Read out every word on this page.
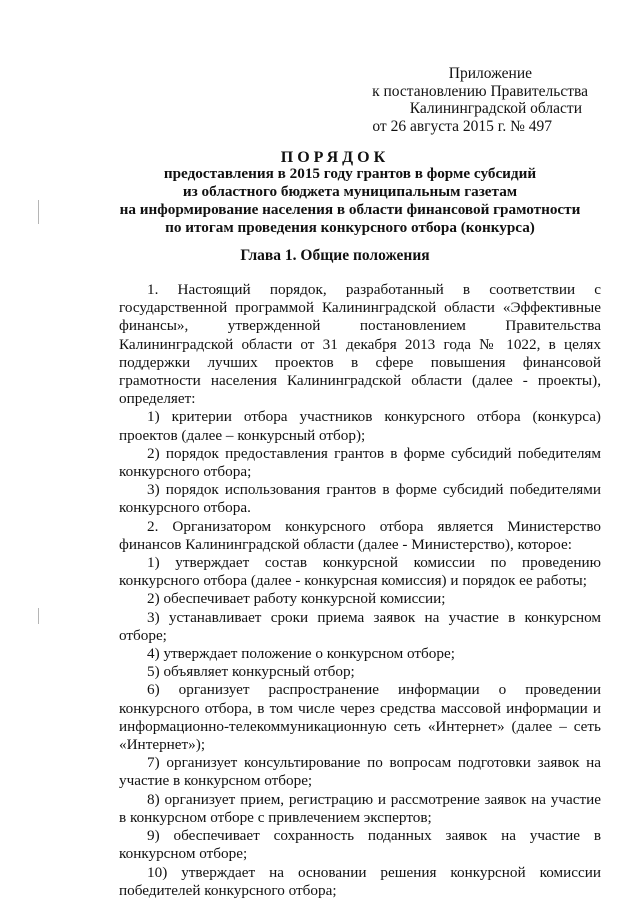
Приложение
к постановлению Правительства
Калининградской области
от 26 августа 2015 г. № 497
ПОРЯДОК
предоставления в 2015 году грантов в форме субсидий
из областного бюджета муниципальным газетам
на информирование населения в области финансовой грамотности
по итогам проведения конкурсного отбора (конкурса)
Глава 1. Общие положения

1. Настоящий порядок, разработанный в соответствии с государственной программой Калининградской области «Эффективные финансы», утвержденной постановлением Правительства Калининградской области от 31 декабря 2013 года № 1022, в целях поддержки лучших проектов в сфере повышения финансовой грамотности населения Калининградской области (далее - проекты), определяет:

1) критерии отбора участников конкурсного отбора (конкурса) проектов (далее – конкурсный отбор);

2) порядок предоставления грантов в форме субсидий победителям конкурсного отбора;

3) порядок использования грантов в форме субсидий победителями конкурсного отбора.

2. Организатором конкурсного отбора является Министерство финансов Калининградской области (далее - Министерство), которое:

1) утверждает состав конкурсной комиссии по проведению конкурсного отбора (далее - конкурсная комиссия) и порядок ее работы;

2) обеспечивает работу конкурсной комиссии;

3) устанавливает сроки приема заявок на участие в конкурсном отборе;

4) утверждает положение о конкурсном отборе;

5) объявляет конкурсный отбор;

6) организует распространение информации о проведении конкурсного отбора, в том числе через средства массовой информации и информационно-телекоммуникационную сеть «Интернет» (далее – сеть «Интернет»);

7) организует консультирование по вопросам подготовки заявок на участие в конкурсном отборе;

8) организует прием, регистрацию и рассмотрение заявок на участие в конкурсном отборе с привлечением экспертов;

9) обеспечивает сохранность поданных заявок на участие в конкурсном отборе;

10) утверждает на основании решения конкурсной комиссии победителей конкурсного отбора;
